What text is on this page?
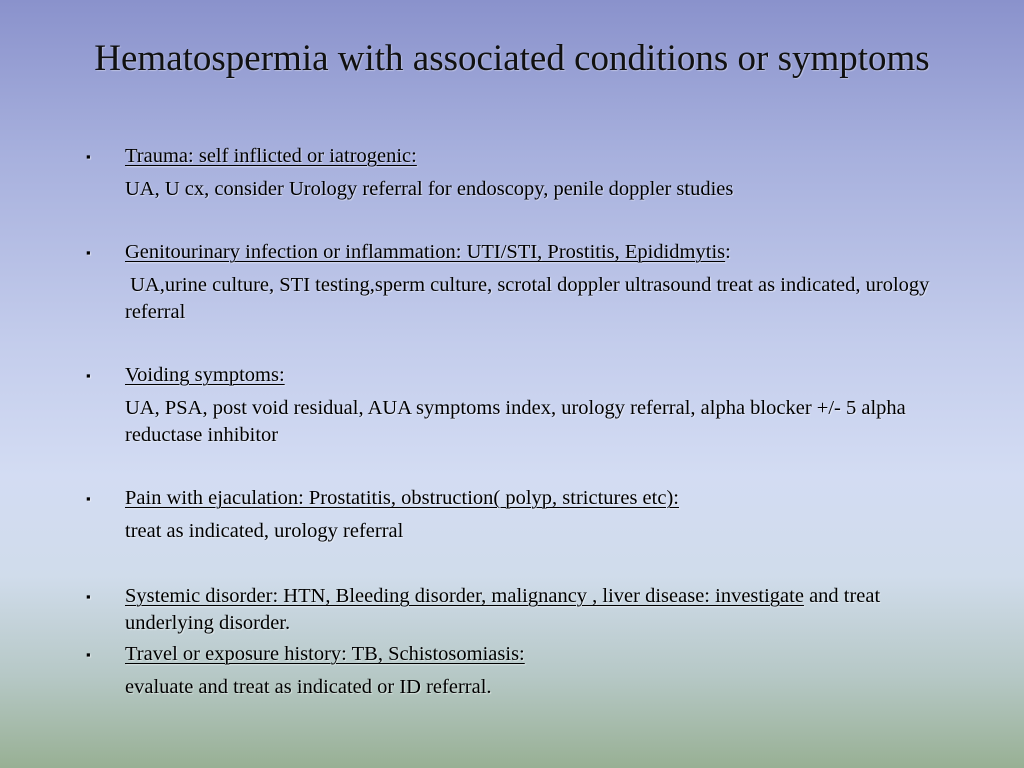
Hematospermia with associated conditions or symptoms
▪	Trauma: self inflicted or iatrogenic:

UA, U cx, consider Urology referral for endoscopy, penile doppler studies

▪	Genitourinary infection or inflammation: UTI/STI, Prostitis, Epididmytis:

UA,urine culture, STI testing,sperm culture, scrotal doppler ultrasound treat as indicated, urology referral

▪	Voiding symptoms:

UA, PSA, post void residual, AUA symptoms index, urology referral, alpha blocker +/- 5 alpha reductase inhibitor

▪	Pain with ejaculation: Prostatitis, obstruction( polyp, strictures etc):

treat as indicated, urology referral

▪	Systemic disorder: HTN, Bleeding disorder, malignancy , liver disease: investigate and treat underlying disorder.

▪	Travel or exposure history: TB, Schistosomiasis:

evaluate and treat as indicated or ID referral.
